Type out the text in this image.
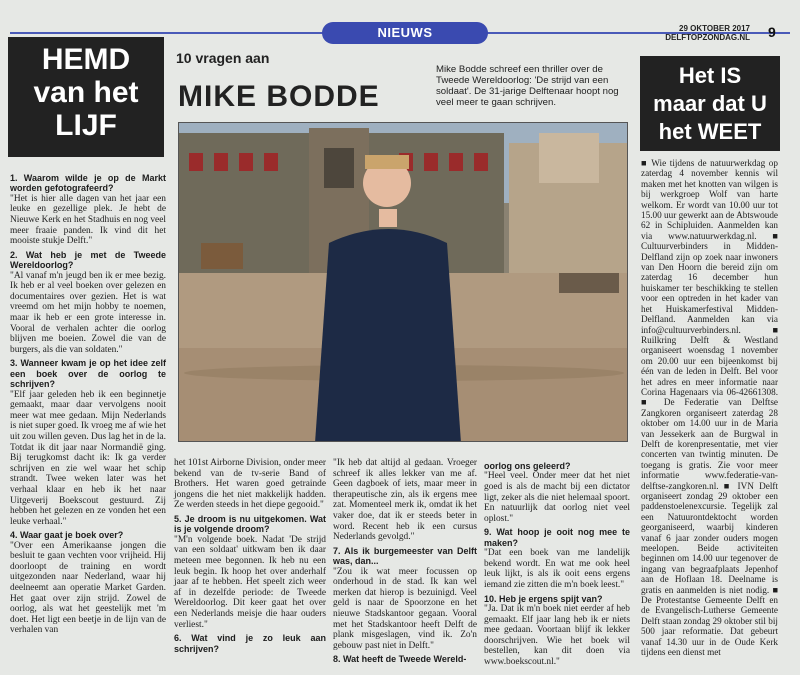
NIEUWS	29 OKTOBER 2017
DELFTOPZONDAG.NL 9
HEMD
van het
LIJF
Het IS
maar dat U
het WEET
10 vragen aan
MIKE BODDE
Mike Bodde schreef een thriller over de Tweede Wereldoorlog: 'De strijd van een soldaat'. De 31-jarige Delftenaar hoopt nog veel meer te gaan schrijven.
1. Waarom wilde je op de Markt worden gefotografeerd?

"Het is hier alle dagen van het jaar een leuke en gezellige plek. Je hebt de Nieuwe Kerk en het Stadhuis en nog veel meer fraaie panden. Ik vind dit het mooiste stukje Delft."

2. Wat heb je met de Tweede Wereldoorlog?

"Al vanaf m'n jeugd ben ik er mee bezig. Ik heb er al veel boeken over gelezen en documentaires over gezien. Het is wat vreemd om het mijn hobby te noemen, maar ik heb er een grote interesse in. Vooral de verhalen achter die oorlog blijven me boeien. Zowel die van de burgers, als die van soldaten."

3. Wanneer kwam je op het idee zelf een boek over de oorlog te schrijven?

"Elf jaar geleden heb ik een beginnetje gemaakt, maar daar vervolgens nooit meer wat mee gedaan. Mijn Nederlands is niet super goed. Ik vroeg me af wie het uit zou willen geven. Dus lag het in de la. Totdat ik dit jaar naar Normandië ging. Bij terugkomst dacht ik: Ik ga verder schrijven en zie wel waar het schip strandt. Twee weken later was het verhaal klaar en heb ik het naar Uitgeverij Boekscout gestuurd. Zij hebben het gelezen en ze vonden het een leuke verhaal."

4. Waar gaat je boek over?

"Over een Amerikaanse jongen die besluit te gaan vechten voor vrijheid. Hij doorloopt de training en wordt uitgezonden naar Nederland, waar hij deelneemt aan operatie Market Garden. Het gaat over zijn strijd. Zowel de oorlog, als wat het geestelijk met 'm doet. Het ligt een beetje in de lijn van de verhalen van

het 101st Airborne Division, onder meer bekend van de tv-serie Band of Brothers. Het waren goed getrainde jongens die het niet makkelijk hadden. Ze werden steeds in het diepe gegooid."

5. Je droom is nu uitgekomen. Wat is je volgende droom?

"M'n volgende boek. Nadat 'De strijd van een soldaat' uitkwam ben ik daar meteen mee begonnen. Ik heb nu een leuk begin. Ik hoop het over anderhalf jaar af te hebben. Het speelt zich weer af in dezelfde periode: de Tweede Wereldoorlog. Dit keer gaat het over een Nederlands meisje die haar ouders verliest."

6. Wat vind je zo leuk aan schrijven?

"Ik heb dat altijd al gedaan. Vroeger schreef ik alles lekker van me af. Geen dagboek of iets, maar meer in therapeutische zin, als ik ergens mee zat. Momenteel merk ik, omdat ik het vaker doe, dat ik er steeds beter in word. Recent heb ik een cursus Nederlands gevolgd."

7. Als ik burgemeester van Delft was, dan...

"Zou ik wat meer focussen op onderhoud in de stad. Ik kan wel merken dat hierop is bezuinigd. Veel geld is naar de Spoorzone en het nieuwe Stadskantoor gegaan. Vooral met het Stadskantoor heeft Delft de plank misgeslagen, vind ik. Zo'n gebouw past niet in Delft."

8. Wat heeft de Tweede Wereld-
oorlog ons geleerd?

"Heel veel. Onder meer dat het niet goed is als de macht bij een dictator ligt, zeker als die niet helemaal spoort. En natuurlijk dat oorlog niet veel oplost."

9. Wat hoop je ooit nog mee te maken?

"Dat een boek van me landelijk bekend wordt. En wat me ook heel leuk lijkt, is als ik ooit eens ergens iemand zie zitten die m'n boek leest."

10. Heb je ergens spijt van?

"Ja. Dat ik m'n boek niet eerder af heb gemaakt. Elf jaar lang heb ik er niets mee gedaan. Voortaan blijf ik lekker doorschrijven. Wie het boek wil bestellen, kan dit doen via www.boekscout.nl."

■ Wie tijdens de natuurwerkdag op zaterdag 4 november kennis wil maken met het knotten van wilgen is bij werkgroep Wolf van harte welkom. Er wordt van 10.00 uur tot 15.00 uur gewerkt aan de Abtswoude 62 in Schipluiden. Aanmelden kan via www.natuurwerkdag.nl. ■ Cultuurverbinders in Midden-Delfland zijn op zoek naar inwoners van Den Hoorn die bereid zijn om zaterdag 16 december hun huiskamer ter beschikking te stellen voor een optreden in het kader van het Huiskamerfestival Midden-Delfland. Aanmelden kan via info@cultuurverbinders.nl. ■ Ruilkring Delft & Westland organiseert woensdag 1 november om 20.00 uur een bijeenkomst bij één van de leden in Delft. Bel voor het adres en meer informatie naar Corina Hagenaars via 06-42661308. ■ De Federatie van Delftse Zangkoren organiseert zaterdag 28 oktober om 14.00 uur in de Maria van Jessekerk aan de Burgwal in Delft de korenpresentatie, met vier concerten van twintig minuten. De toegang is gratis. Zie voor meer informatie www.federatie-van-delftse-zangkoren.nl. ■ IVN Delft organiseert zondag 29 oktober een paddenstoelenexcursie. Tegelijk zal een Natuurontdektocht worden georganiseerd, waarbij kinderen vanaf 6 jaar zonder ouders mogen meelopen. Beide activiteiten beginnen om 14.00 uur tegenover de ingang van begraafplaats Jepenhof aan de Hoflaan 18. Deelname is gratis en aanmelden is niet nodig. ■ De Protestantse Gemeente Delft en de Evangelisch-Lutherse Gemeente Delft staan zondag 29 oktober stil bij 500 jaar reformatie. Dat gebeurt vanaf 14.30 uur in de Oude Kerk tijdens een dienst met
